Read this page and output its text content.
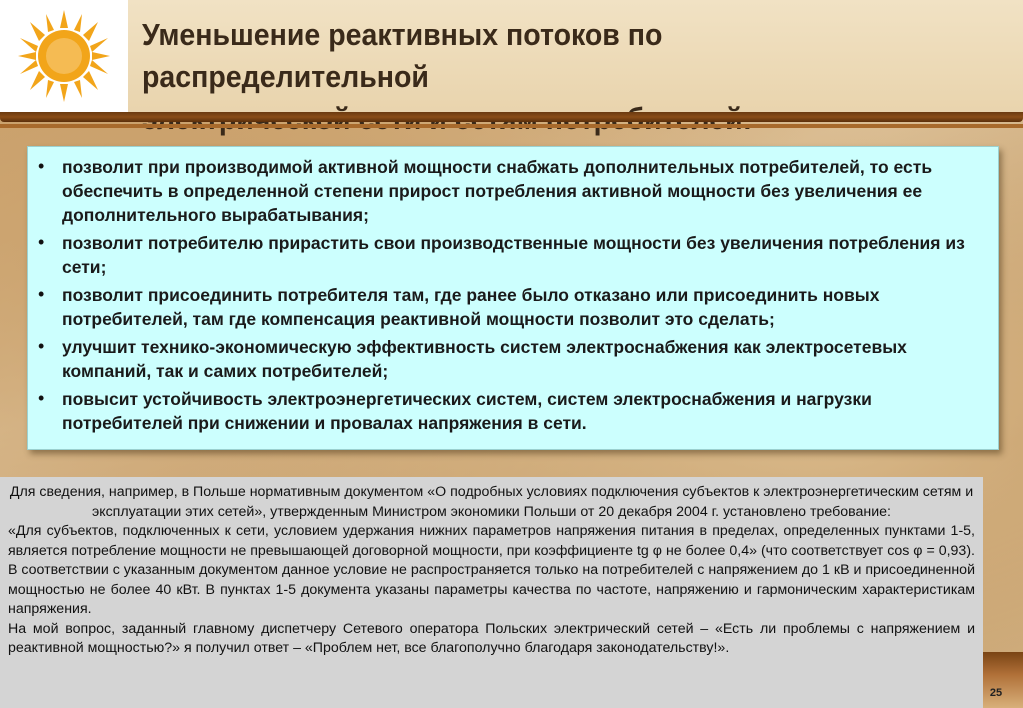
Уменьшение реактивных потоков по распределительной

•	позволит при производимой активной мощности снабжать дополнительных потребителей, то есть обеспечить в определенной степени прирост потребления активной мощности без увеличения ее дополнительного вырабатывания;
•	позволит потребителю прирастить свои производственные мощности без увеличения потребления из сети;
•	позволит присоединить потребителя там, где ранее было отказано или присоединить новых потребителей, там где компенсация реактивной мощности позволит это сделать;
•	улучшит технико-экономическую эффективность систем электроснабжения как электросетевых компаний, так и самих потребителей;
•	повысит устойчивость электроэнергетических систем, систем электроснабжения и нагрузки потребителей при снижении и провалах напряжения в сети.

Для сведения, например, в Польше нормативным документом «О подробных условиях подключения субъектов к электроэнергетическим сетям и эксплуатации этих сетей», утвержденным Министром экономики Польши от 20 декабря 2004 г. установлено требование:

«Для субъектов, подключенных к сети, условием удержания нижних параметров напряжения питания в пределах, определенных пунктами 1-5, является потребление мощности не превышающей договорной мощности, при коэффициенте tg φ не более 0,4» (что соответствует cos φ = 0,93). В соответствии с указанным документом данное условие не распространяется только на потребителей с напряжением до 1 кВ и присоединенной мощностью не более 40 кВт. В пунктах 1-5 документа указаны параметры качества по частоте, напряжению и гармоническим характеристикам напряжения.

На мой вопрос, заданный главному диспетчеру Сетевого оператора Польских электрический сетей – «Есть ли проблемы с напряжением и реактивной мощностью?» я получил ответ – «Проблем нет, все благополучно благодаря законодательству!».

25
